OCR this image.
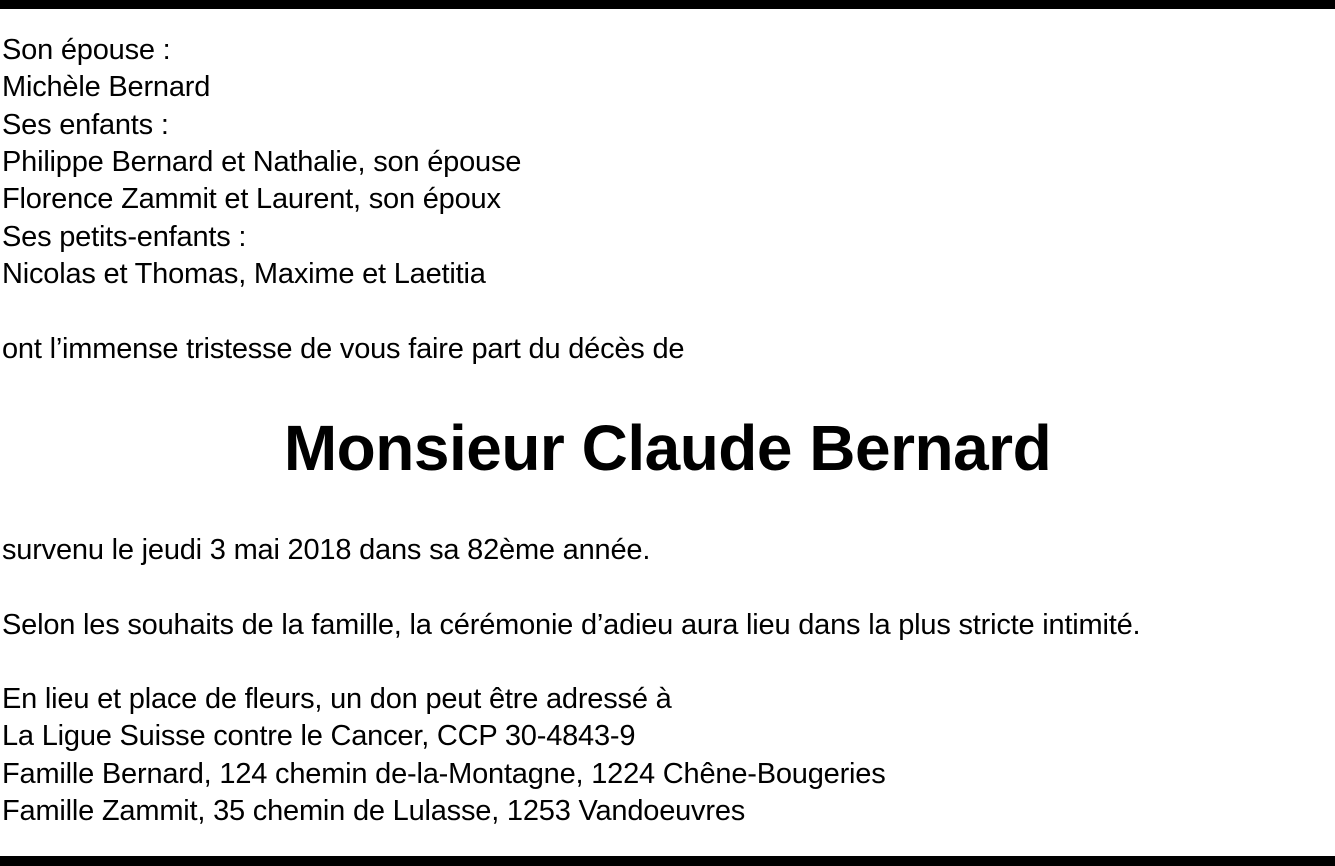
Son épouse :
Michèle Bernard
Ses enfants :
Philippe Bernard et Nathalie, son épouse
Florence Zammit et Laurent, son époux
Ses petits-enfants :
Nicolas et Thomas, Maxime et Laetitia
ont l’immense tristesse de vous faire part du décès de
Monsieur Claude Bernard
survenu le jeudi 3 mai 2018 dans sa 82ème année.
Selon les souhaits de la famille, la cérémonie d’adieu aura lieu dans la plus stricte intimité.
En lieu et place de fleurs, un don peut être adressé à
La Ligue Suisse contre le Cancer, CCP 30-4843-9
Famille Bernard, 124 chemin de-la-Montagne, 1224 Chêne-Bougeries
Famille Zammit, 35 chemin de Lulasse, 1253 Vandoeuvres
